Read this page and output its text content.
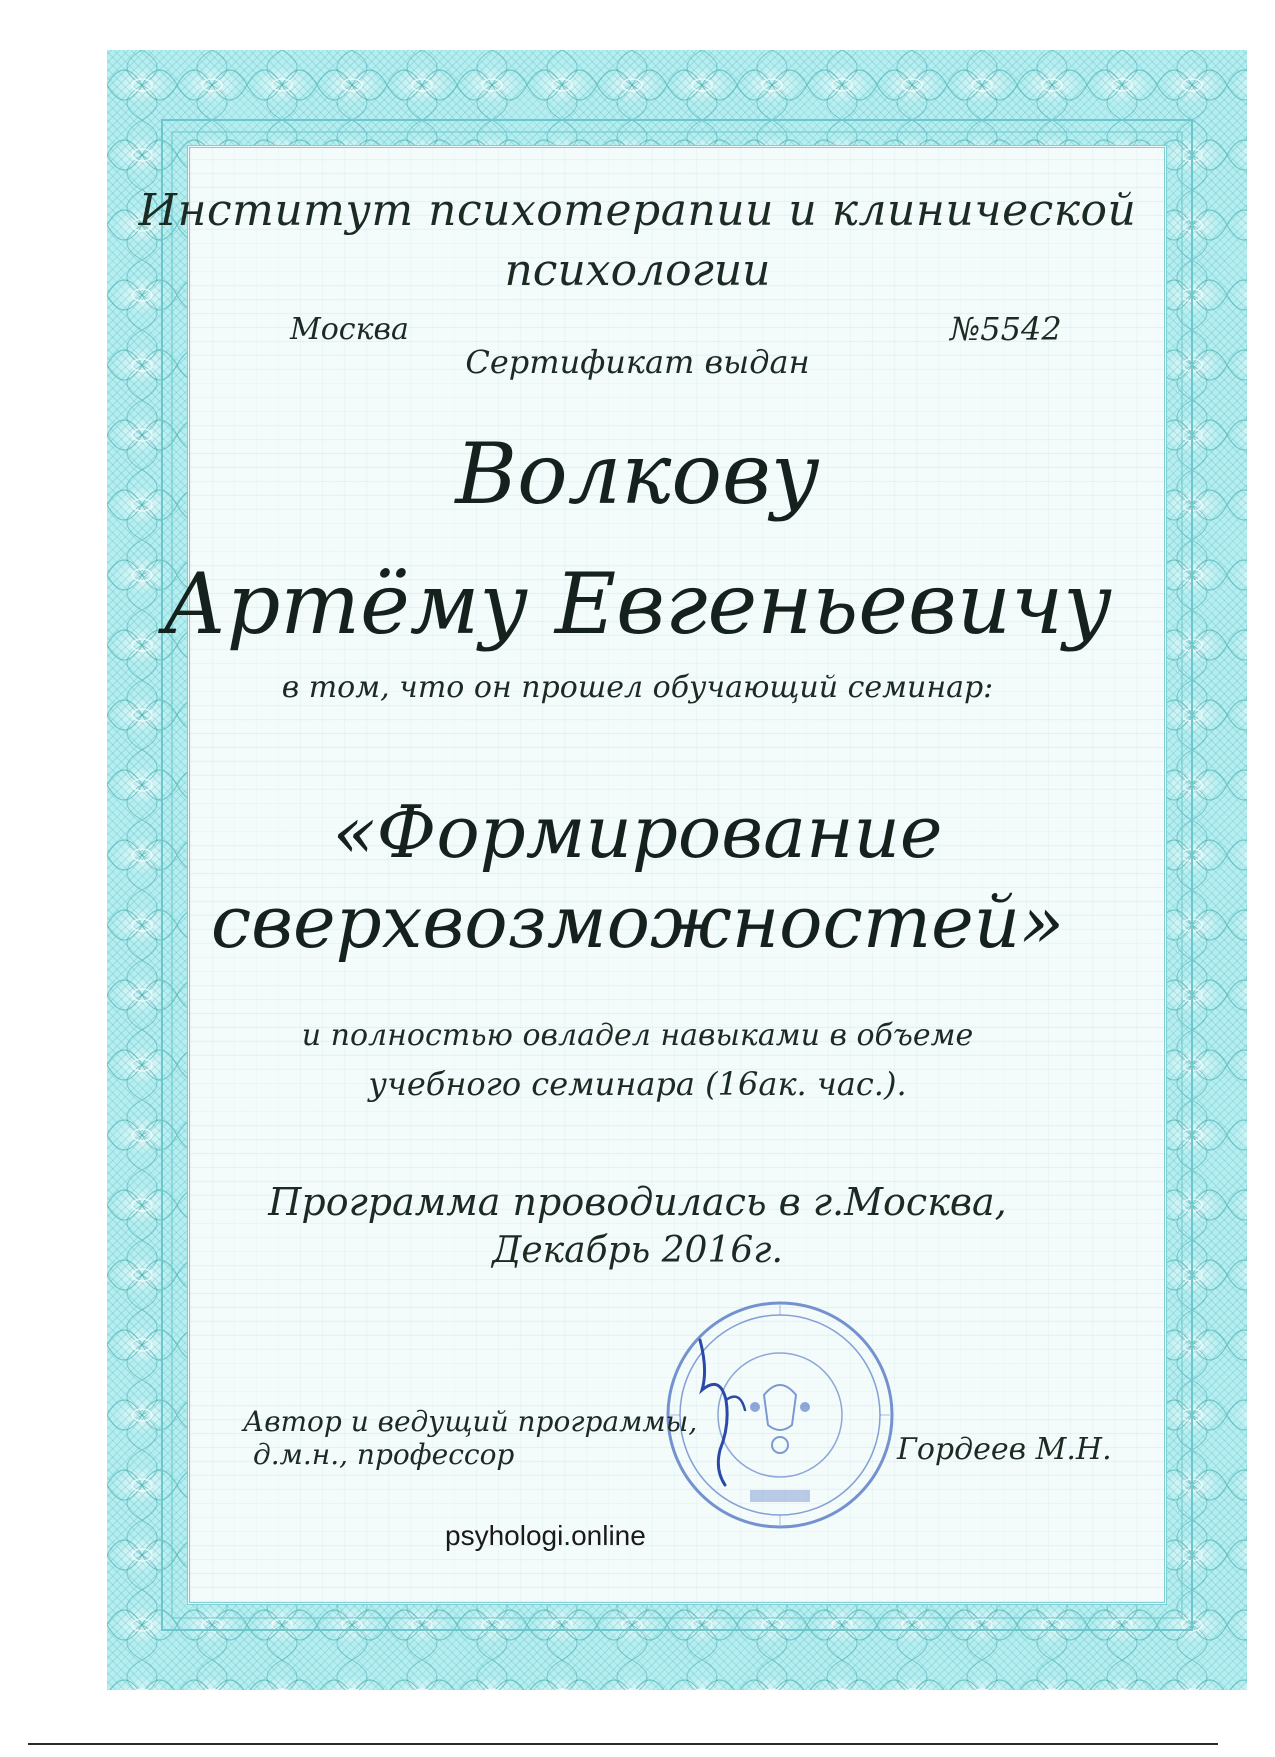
Институт психотерапии и клинической
психологии
Москва	№5542
Сертификат выдан
Волкову
Артёму Евгеньевичу
в том, что он прошел обучающий семинар:
«Формирование
сверхвозможностей»
и полностью овладел навыками в объеме
учебного семинара (16ак. час.).
Программа проводилась в г.Москва,
Декабрь 2016г.
Автор и ведущий программы,
д.м.н., профессор	Гордеев М.Н.
psyhologi.online
